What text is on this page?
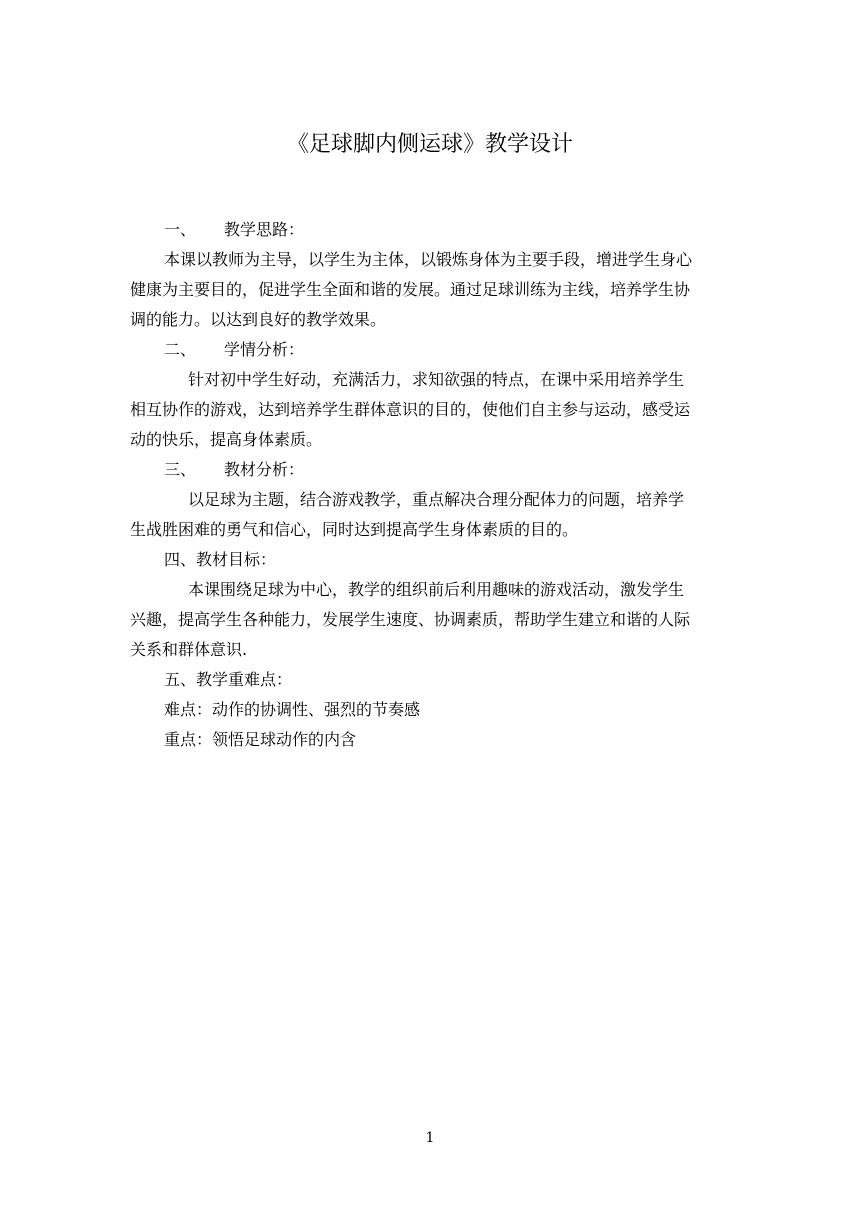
《足球脚内侧运球》教学设计
一、 教学思路：
本课以教师为主导，以学生为主体，以锻炼身体为主要手段，增进学生身心
健康为主要目的，促进学生全面和谐的发展。通过足球训练为主线，培养学生协
调的能力。以达到良好的教学效果。
二、 学情分析：
针对初中学生好动，充满活力，求知欲强的特点，在课中采用培养学生
相互协作的游戏，达到培养学生群体意识的目的，使他们自主参与运动，感受运
动的快乐，提高身体素质。
三、 教材分析：
以足球为主题，结合游戏教学，重点解决合理分配体力的问题，培养学
生战胜困难的勇气和信心，同时达到提高学生身体素质的目的。
四、教材目标：
本课围绕足球为中心，教学的组织前后利用趣味的游戏活动，激发学生
兴趣，提高学生各种能力，发展学生速度、协调素质，帮助学生建立和谐的人际
关系和群体意识.
五、教学重难点：
难点：动作的协调性、强烈的节奏感
重点：领悟足球动作的内含
1
